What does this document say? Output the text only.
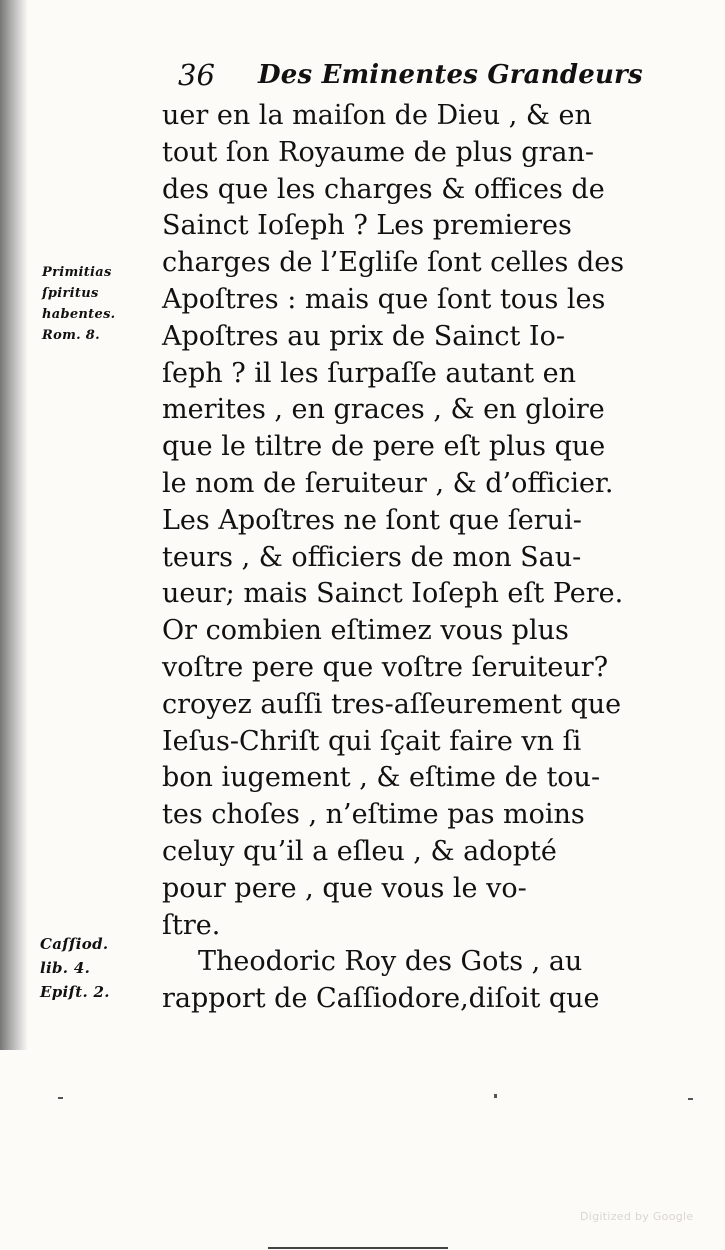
36 Des Eminentes Grandeurs
uer en la maiſon de Dieu , & en
tout ſon Royaume de plus gran-
des que les charges & offices de
Sainct Ioſeph ? Les premieres
charges de l’Egliſe ſont celles des
Apoſtres : mais que ſont tous les
Apoſtres au prix de Sainct Io-
ſeph ? il les ſurpaſſe autant en
merites , en graces , & en gloire
que le tiltre de pere eſt plus que
le nom de ſeruiteur , & d’officier.
Les Apoſtres ne ſont que ſerui-
teurs , & officiers de mon Sau-
ueur; mais Sainct Ioſeph eſt Pere.
Or combien eſtimez vous plus
voſtre pere que voſtre ſeruiteur?
croyez auſſi tres-aſſeurement que
Ieſus-Chriſt qui ſçait faire vn ſi
bon iugement , & eſtime de tou-
tes choſes , n’eſtime pas moins
celuy qu’il a eſleu , & adopté
pour pere , que vous le vo-
ſtre.
Theodoric Roy des Gots , au
rapport de Caſſiodore,diſoit que
Primitias
ſpiritus
habentes.
Rom. 8.
Caſſiod.
lib. 4.
Epiſt. 2.
Digitized by Google
